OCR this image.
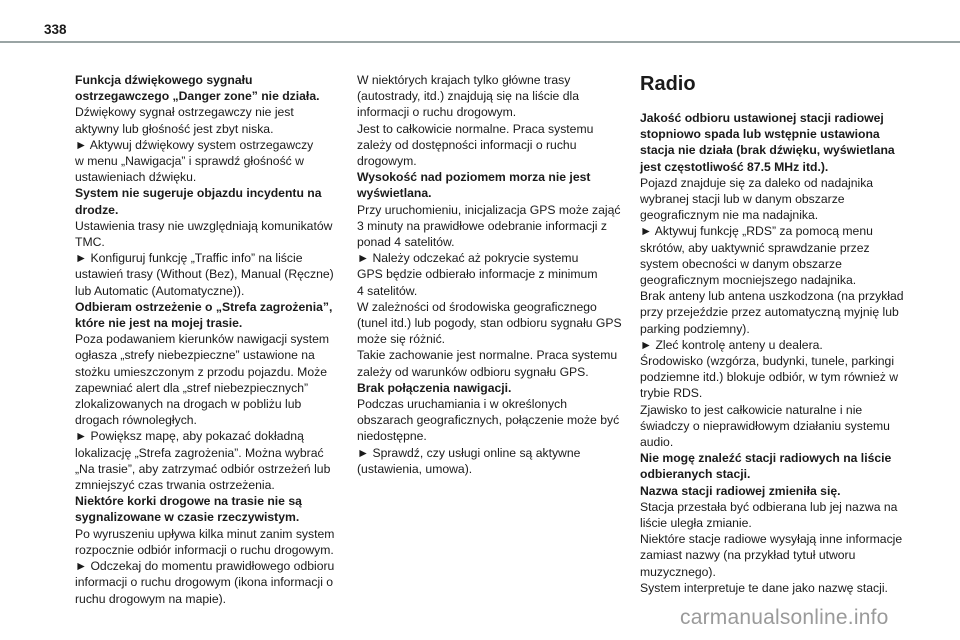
338

Funkcja dźwiękowego sygnału
ostrzegawczego „Danger zone” nie działa.

Dźwiękowy sygnał ostrzegawczy nie jest
aktywny lub głośność jest zbyt niska.
► Aktywuj dźwiękowy system ostrzegawczy
w menu „Nawigacja” i sprawdź głośność w
ustawieniach dźwięku.

System nie sugeruje objazdu incydentu na
drodze.

Ustawienia trasy nie uwzględniają komunikatów
TMC.
► Konfiguruj funkcję „Traffic info” na liście
ustawień trasy (Without (Bez), Manual (Ręczne)
lub Automatic (Automatyczne)).

Odbieram ostrzeżenie o „Strefa zagrożenia”,
które nie jest na mojej trasie.

Poza podawaniem kierunków nawigacji system
ogłasza „strefy niebezpieczne” ustawione na
stożku umieszczonym z przodu pojazdu. Może
zapewniać alert dla „stref niebezpiecznych”
zlokalizowanych na drogach w pobliżu lub
drogach równoległych.
► Powiększ mapę, aby pokazać dokładną
lokalizację „Strefa zagrożenia”. Można wybrać
„Na trasie”, aby zatrzymać odbiór ostrzeżeń lub
zmniejszyć czas trwania ostrzeżenia.

Niektóre korki drogowe na trasie nie są
sygnalizowane w czasie rzeczywistym.

Po wyruszeniu upływa kilka minut zanim system
rozpocznie odbiór informacji o ruchu drogowym.
► Odczekaj do momentu prawidłowego odbioru
informacji o ruchu drogowym (ikona informacji o
ruchu drogowym na mapie).

W niektórych krajach tylko główne trasy
(autostrady, itd.) znajdują się na liście dla
informacji o ruchu drogowym.
Jest to całkowicie normalne. Praca systemu
zależy od dostępności informacji o ruchu
drogowym.

Wysokość nad poziomem morza nie jest
wyświetlana.

Przy uruchomieniu, inicjalizacja GPS może zająć
3 minuty na prawidłowe odebranie informacji z
ponad 4 satelitów.
► Należy odczekać aż pokrycie systemu
GPS będzie odbierało informacje z minimum
4 satelitów.
W zależności od środowiska geograficznego
(tunel itd.) lub pogody, stan odbioru sygnału GPS
może się różnić.
Takie zachowanie jest normalne. Praca systemu
zależy od warunków odbioru sygnału GPS.

Brak połączenia nawigacji.

Podczas uruchamiania i w określonych
obszarach geograficznych, połączenie może być
niedostępne.
► Sprawdź, czy usługi online są aktywne
(ustawienia, umowa).

Radio

Jakość odbioru ustawionej stacji radiowej
stopniowo spada lub wstępnie ustawiona
stacja nie działa (brak dźwięku, wyświetlana
jest częstotliwość 87.5 MHz itd.).

Pojazd znajduje się za daleko od nadajnika
wybranej stacji lub w danym obszarze
geograficznym nie ma nadajnika.
► Aktywuj funkcję „RDS” za pomocą menu
skrótów, aby uaktywnić sprawdzanie przez
system obecności w danym obszarze
geograficznym mocniejszego nadajnika.
Brak anteny lub antena uszkodzona (na przykład
przy przejeździe przez automatyczną myjnię lub
parking podziemny).
► Zleć kontrolę anteny u dealera.
Środowisko (wzgórza, budynki, tunele, parkingi
podziemne itd.) blokuje odbiór, w tym również w
trybie RDS.
Zjawisko to jest całkowicie naturalne i nie
świadczy o nieprawidłowym działaniu systemu
audio.

Nie mogę znaleźć stacji radiowych na liście
odbieranych stacji.
Nazwa stacji radiowej zmieniła się.

Stacja przestała być odbierana lub jej nazwa na
liście uległa zmianie.
Niektóre stacje radiowe wysyłają inne informacje
zamiast nazwy (na przykład tytuł utworu
muzycznego).
System interpretuje te dane jako nazwę stacji.

carmanualsonline.info
